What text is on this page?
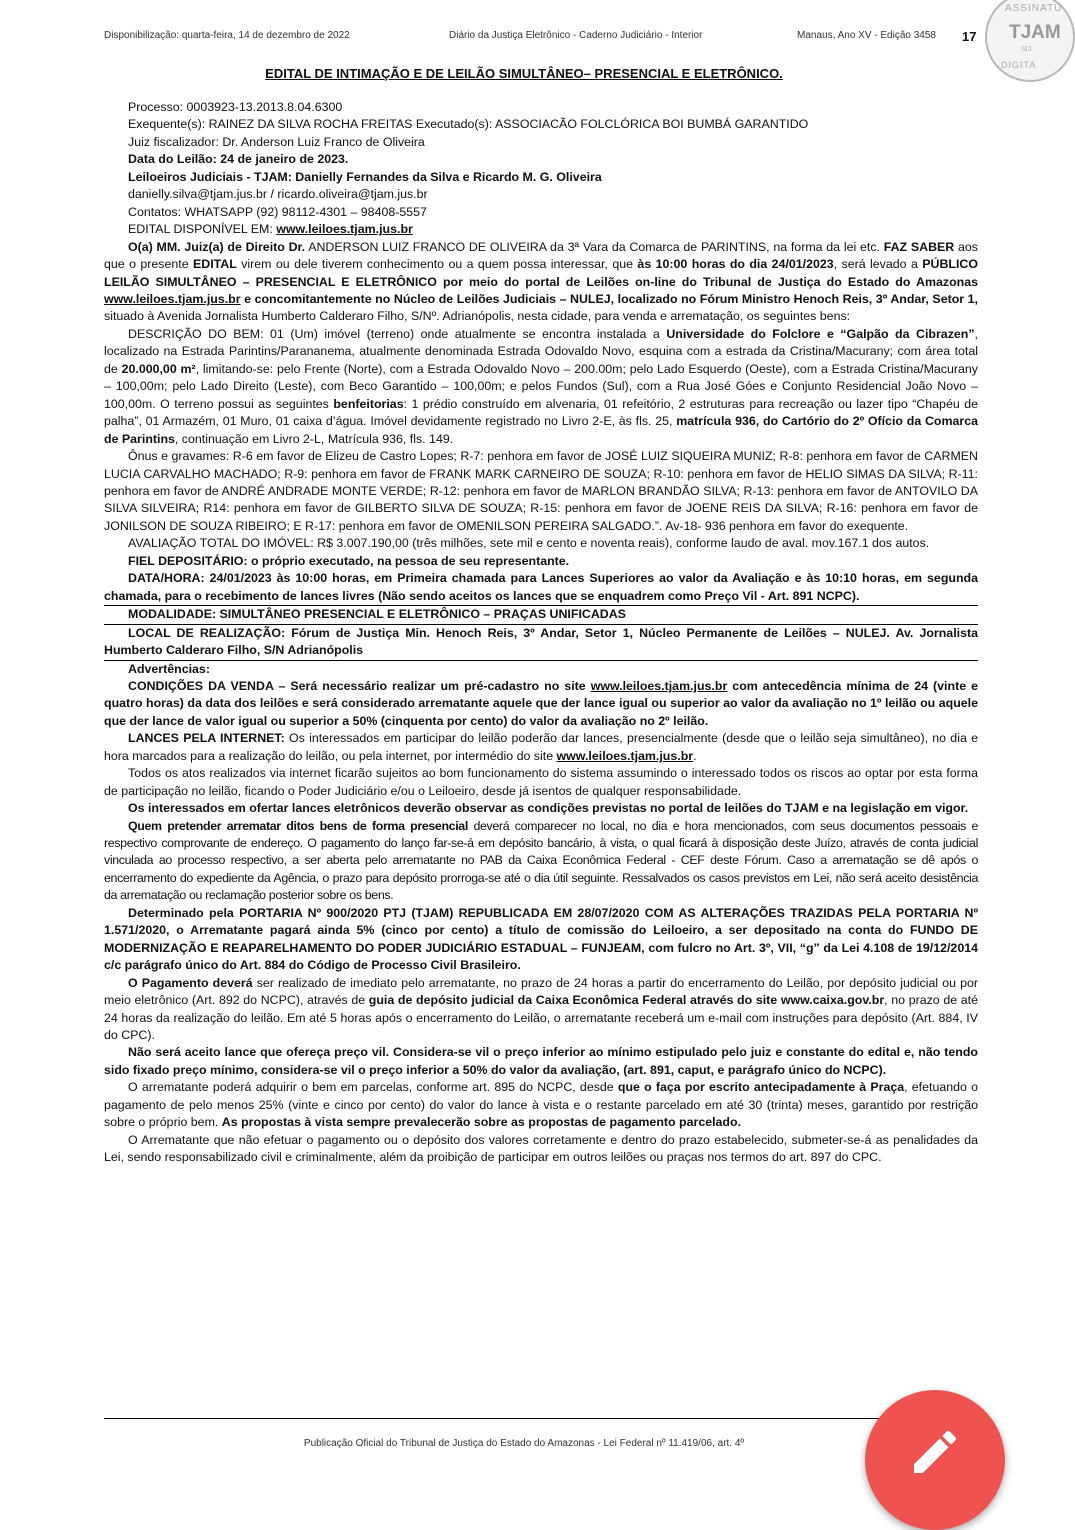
Disponibilização: quarta-feira, 14 de dezembro de 2022	Diário da Justiça Eletrônico - Caderno Judiciário - Interior	Manaus, Ano XV - Edição 3458 17
ASSINATU
TJAM
SIJ
DIGITA
EDITAL DE INTIMAÇÃO E DE LEILÃO SIMULTÂNEO– PRESENCIAL E ELETRÔNICO.

Processo: 0003923-13.2013.8.04.6300

Exequente(s): RAINEZ DA SILVA ROCHA FREITAS Executado(s): ASSOCIACÃO FOLCLÓRICA BOI BUMBÁ GARANTIDO

Juiz fiscalizador: Dr. Anderson Luiz Franco de Oliveira

Data do Leilão: 24 de janeiro de 2023.

Leiloeiros Judiciais - TJAM: Danielly Fernandes da Silva e Ricardo M. G. Oliveira

danielly.silva@tjam.jus.br / ricardo.oliveira@tjam.jus.br

Contatos: WHATSAPP (92) 98112-4301 – 98408-5557

EDITAL DISPONÍVEL EM: www.leiloes.tjam.jus.br

O(a) MM. Juiz(a) de Direito Dr. ANDERSON LUIZ FRANCO DE OLIVEIRA da 3ª Vara da Comarca de PARINTINS, na forma da lei etc. FAZ SABER aos que o presente EDITAL virem ou dele tiverem conhecimento ou a quem possa interessar, que às 10:00 horas do dia 24/01/2023, será levado a PÚBLICO LEILÃO SIMULTÂNEO – PRESENCIAL E ELETRÔNICO por meio do portal de Leilões on-line do Tribunal de Justiça do Estado do Amazonas www.leiloes.tjam.jus.br e concomitantemente no Núcleo de Leilões Judiciais – NULEJ, localizado no Fórum Ministro Henoch Reis, 3º Andar, Setor 1, situado à Avenida Jornalista Humberto Calderaro Filho, S/Nº. Adrianópolis, nesta cidade, para venda e arrematação, os seguintes bens:

DESCRIÇÃO DO BEM: 01 (Um) imóvel (terreno) onde atualmente se encontra instalada a Universidade do Folclore e “Galpão da Cibrazen”, localizado na Estrada Parintins/Parananema, atualmente denominada Estrada Odovaldo Novo, esquina com a estrada da Cristina/Macurany; com área total de 20.000,00 m², limitando-se: pelo Frente (Norte), com a Estrada Odovaldo Novo – 200.00m; pelo Lado Esquerdo (Oeste), com a Estrada Cristina/Macurany – 100,00m; pelo Lado Direito (Leste), com Beco Garantido – 100,00m; e pelos Fundos (Sul), com a Rua José Góes e Conjunto Residencial João Novo – 100,00m. O terreno possui as seguintes benfeitorias: 1 prédio construído em alvenaria, 01 refeitório, 2 estruturas para recreação ou lazer tipo “Chapéu de palha”, 01 Armazém, 01 Muro, 01 caixa d’água. Imóvel devidamente registrado no Livro 2-E, às fls. 25, matrícula 936, do Cartório do 2º Ofício da Comarca de Parintins, continuação em Livro 2-L, Matrícula 936, fls. 149.

Ônus e gravames: R-6 em favor de Elizeu de Castro Lopes; R-7: penhora em favor de JOSÉ LUIZ SIQUEIRA MUNIZ; R-8: penhora em favor de CARMEN LUCIA CARVALHO MACHADO; R-9: penhora em favor de FRANK MARK CARNEIRO DE SOUZA; R-10: penhora em favor de HELIO SIMAS DA SILVA; R-11: penhora em favor de ANDRÉ ANDRADE MONTE VERDE; R-12: penhora em favor de MARLON BRANDÃO SILVA; R-13: penhora em favor de ANTOVILO DA SILVA SILVEIRA; R14: penhora em favor de GILBERTO SILVA DE SOUZA; R-15: penhora em favor de JOENE REIS DA SILVA; R-16: penhora em favor de JONILSON DE SOUZA RIBEIRO; E R-17: penhora em favor de OMENILSON PEREIRA SALGADO.”. Av-18- 936 penhora em favor do exequente.

AVALIAÇÃO TOTAL DO IMÓVEL: R$ 3.007.190,00 (três milhões, sete mil e cento e noventa reais), conforme laudo de aval. mov.167.1 dos autos.

FIEL DEPOSITÁRIO: o próprio executado, na pessoa de seu representante.

DATA/HORA: 24/01/2023 às 10:00 horas, em Primeira chamada para Lances Superiores ao valor da Avaliação e às 10:10 horas, em segunda chamada, para o recebimento de lances livres (Não sendo aceitos os lances que se enquadrem como Preço Vil - Art. 891 NCPC).

MODALIDADE: SIMULTÂNEO PRESENCIAL E ELETRÔNICO – PRAÇAS UNIFICADAS

LOCAL DE REALIZAÇÃO: Fórum de Justiça Min. Henoch Reis, 3º Andar, Setor 1, Núcleo Permanente de Leilões – NULEJ. Av. Jornalista Humberto Calderaro Filho, S/N Adrianópolis

Advertências:

CONDIÇÕES DA VENDA – Será necessário realizar um pré-cadastro no site www.leiloes.tjam.jus.br com antecedência mínima de 24 (vinte e quatro horas) da data dos leilões e será considerado arrematante aquele que der lance igual ou superior ao valor da avaliação no 1º leilão ou aquele que der lance de valor igual ou superior a 50% (cinquenta por cento) do valor da avaliação no 2º leilão.

LANCES PELA INTERNET: Os interessados em participar do leilão poderão dar lances, presencialmente (desde que o leilão seja simultâneo), no dia e hora marcados para a realização do leilão, ou pela internet, por intermédio do site www.leiloes.tjam.jus.br.

Todos os atos realizados via internet ficarão sujeitos ao bom funcionamento do sistema assumindo o interessado todos os riscos ao optar por esta forma de participação no leilão, ficando o Poder Judiciário e/ou o Leiloeiro, desde já isentos de qualquer responsabilidade.

Os interessados em ofertar lances eletrônicos deverão observar as condições previstas no portal de leilões do TJAM e na legislação em vigor.

Quem pretender arrematar ditos bens de forma presencial deverá comparecer no local, no dia e hora mencionados, com seus documentos pessoais e respectivo comprovante de endereço. O pagamento do lanço far-se-á em depósito bancário, à vista, o qual ficará à disposição deste Juízo, através de conta judicial vinculada ao processo respectivo, a ser aberta pelo arrematante no PAB da Caixa Econômica Federal - CEF deste Fórum. Caso a arrematação se dê após o encerramento do expediente da Agência, o prazo para depósito prorroga-se até o dia útil seguinte. Ressalvados os casos previstos em Lei, não será aceito desistência da arrematação ou reclamação posterior sobre os bens.

Determinado pela PORTARIA Nº 900/2020 PTJ (TJAM) REPUBLICADA EM 28/07/2020 COM AS ALTERAÇÕES TRAZIDAS PELA PORTARIA Nº 1.571/2020, o Arrematante pagará ainda 5% (cinco por cento) a título de comissão do Leiloeiro, a ser depositado na conta do FUNDO DE MODERNIZAÇÃO E REAPARELHAMENTO DO PODER JUDICIÁRIO ESTADUAL – FUNJEAM, com fulcro no Art. 3º, VII, “g” da Lei 4.108 de 19/12/2014 c/c parágrafo único do Art. 884 do Código de Processo Civil Brasileiro.

O Pagamento deverá ser realizado de imediato pelo arrematante, no prazo de 24 horas a partir do encerramento do Leilão, por depósito judicial ou por meio eletrônico (Art. 892 do NCPC), através de guia de depósito judicial da Caixa Econômica Federal através do site www.caixa.gov.br, no prazo de até 24 horas da realização do leilão. Em até 5 horas após o encerramento do Leilão, o arrematante receberá um e-mail com instruções para depósito (Art. 884, IV do CPC).

Não será aceito lance que ofereça preço vil. Considera-se vil o preço inferior ao mínimo estipulado pelo juiz e constante do edital e, não tendo sido fixado preço mínimo, considera-se vil o preço inferior a 50% do valor da avaliação, (art. 891, caput, e parágrafo único do NCPC).

O arrematante poderá adquirir o bem em parcelas, conforme art. 895 do NCPC, desde que o faça por escrito antecipadamente à Praça, efetuando o pagamento de pelo menos 25% (vinte e cinco por cento) do valor do lance à vista e o restante parcelado em até 30 (trinta) meses, garantido por restrição sobre o próprio bem. As propostas à vista sempre prevalecerão sobre as propostas de pagamento parcelado.

O Arrematante que não efetuar o pagamento ou o depósito dos valores corretamente e dentro do prazo estabelecido, submeter-se-á as penalidades da Lei, sendo responsabilizado civil e criminalmente, além da proibição de participar em outros leilões ou praças nos termos do art. 897 do CPC.

Publicação Oficial do Tribunal de Justiça do Estado do Amazonas - Lei Federal nº 11.419/06, art. 4º
